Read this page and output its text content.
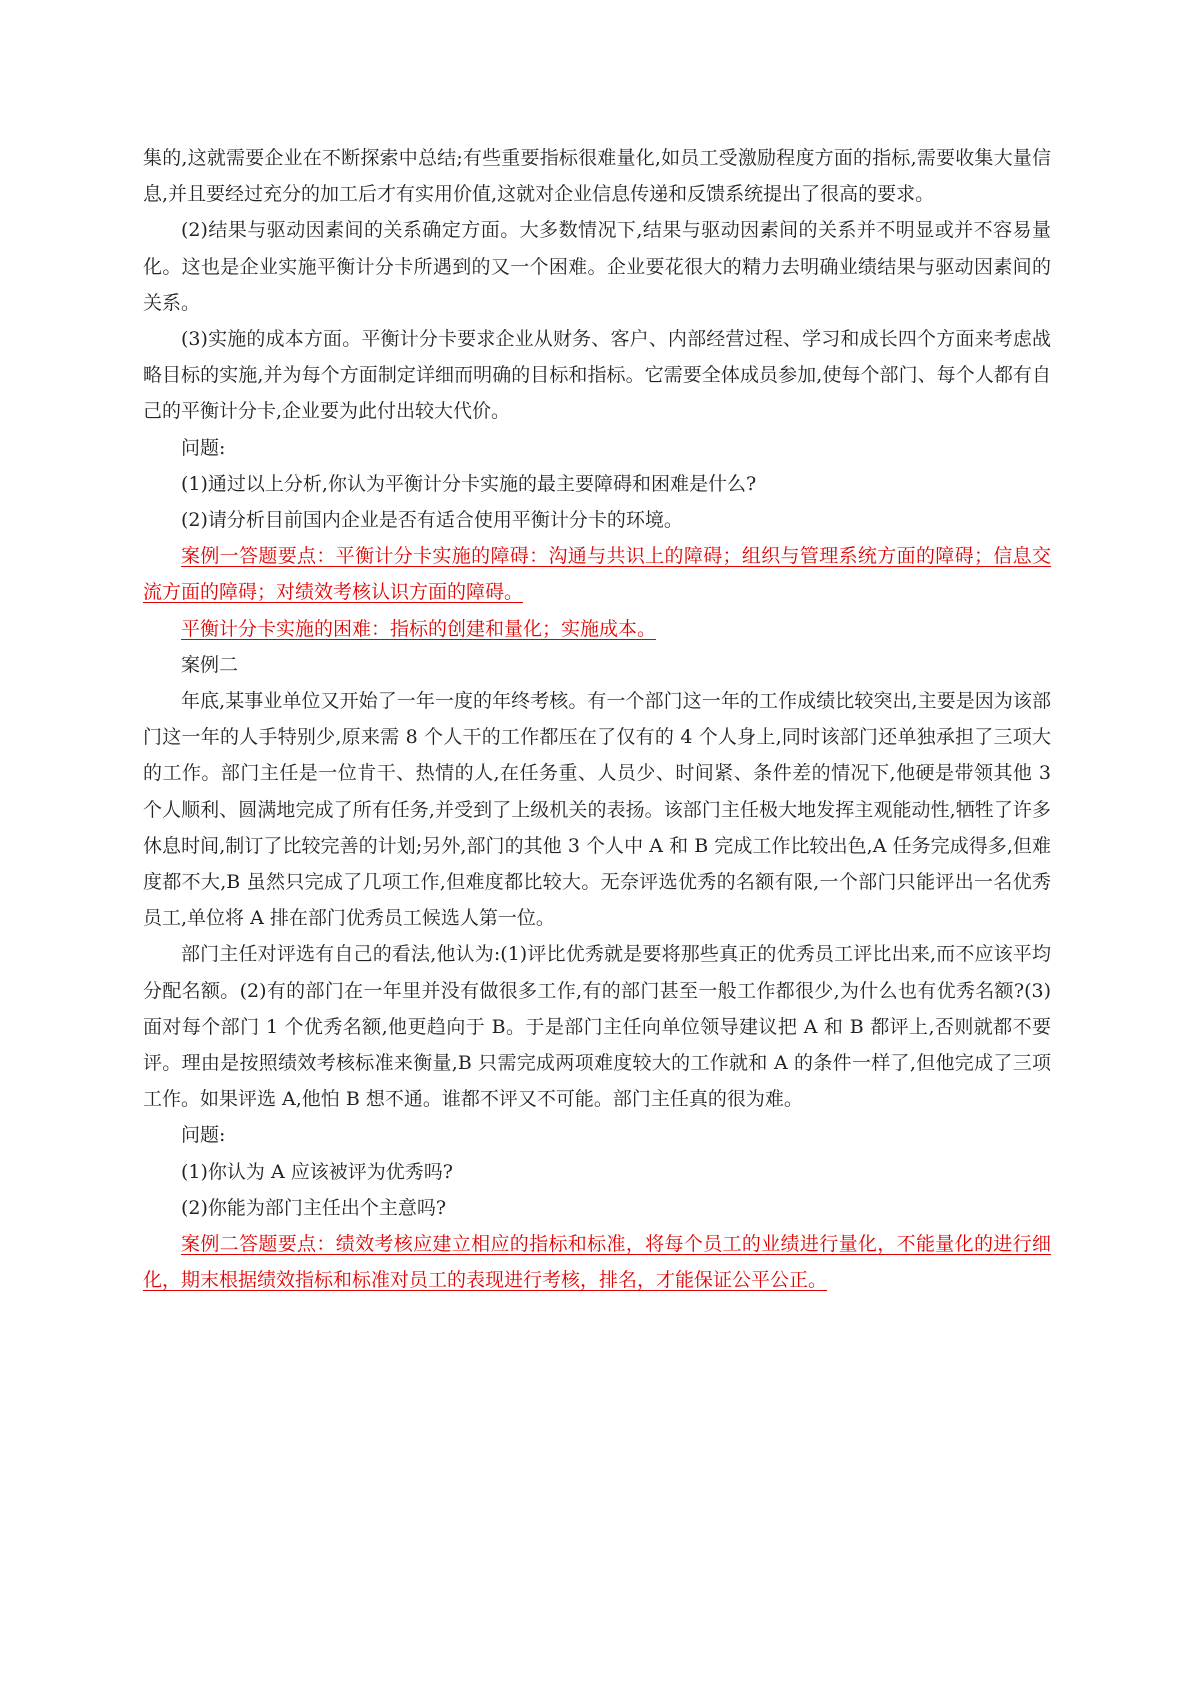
集的,这就需要企业在不断探索中总结;有些重要指标很难量化,如员工受激励程度方面的指标,需要收集大量信息,并且要经过充分的加工后才有实用价值,这就对企业信息传递和反馈系统提出了很高的要求。

(2)结果与驱动因素间的关系确定方面。大多数情况下,结果与驱动因素间的关系并不明显或并不容易量化。这也是企业实施平衡计分卡所遇到的又一个困难。企业要花很大的精力去明确业绩结果与驱动因素间的关系。

(3)实施的成本方面。平衡计分卡要求企业从财务、客户、内部经营过程、学习和成长四个方面来考虑战略目标的实施,并为每个方面制定详细而明确的目标和指标。它需要全体成员参加,使每个部门、每个人都有自己的平衡计分卡,企业要为此付出较大代价。

问题:

(1)通过以上分析,你认为平衡计分卡实施的最主要障碍和困难是什么?

(2)请分析目前国内企业是否有适合使用平衡计分卡的环境。

案例一答题要点：平衡计分卡实施的障碍：沟通与共识上的障碍；组织与管理系统方面的障碍；信息交流方面的障碍；对绩效考核认识方面的障碍。

平衡计分卡实施的困难：指标的创建和量化；实施成本。

案例二

年底,某事业单位又开始了一年一度的年终考核。有一个部门这一年的工作成绩比较突出,主要是因为该部门这一年的人手特别少,原来需 8 个人干的工作都压在了仅有的 4 个人身上,同时该部门还单独承担了三项大的工作。部门主任是一位肯干、热情的人,在任务重、人员少、时间紧、条件差的情况下,他硬是带领其他 3 个人顺利、圆满地完成了所有任务,并受到了上级机关的表扬。该部门主任极大地发挥主观能动性,牺牲了许多休息时间,制订了比较完善的计划;另外,部门的其他 3 个人中 A 和 B 完成工作比较出色,A 任务完成得多,但难度都不大,B 虽然只完成了几项工作,但难度都比较大。无奈评选优秀的名额有限,一个部门只能评出一名优秀员工,单位将 A 排在部门优秀员工候选人第一位。

部门主任对评选有自己的看法,他认为:(1)评比优秀就是要将那些真正的优秀员工评比出来,而不应该平均分配名额。(2)有的部门在一年里并没有做很多工作,有的部门甚至一般工作都很少,为什么也有优秀名额?(3)面对每个部门 1 个优秀名额,他更趋向于 B。于是部门主任向单位领导建议把 A 和 B 都评上,否则就都不要评。理由是按照绩效考核标准来衡量,B 只需完成两项难度较大的工作就和 A 的条件一样了,但他完成了三项工作。如果评选 A,他怕 B 想不通。谁都不评又不可能。部门主任真的很为难。

问题:

(1)你认为 A 应该被评为优秀吗?

(2)你能为部门主任出个主意吗?

案例二答题要点：绩效考核应建立相应的指标和标准，将每个员工的业绩进行量化，不能量化的进行细化，期末根据绩效指标和标准对员工的表现进行考核，排名，才能保证公平公正。
